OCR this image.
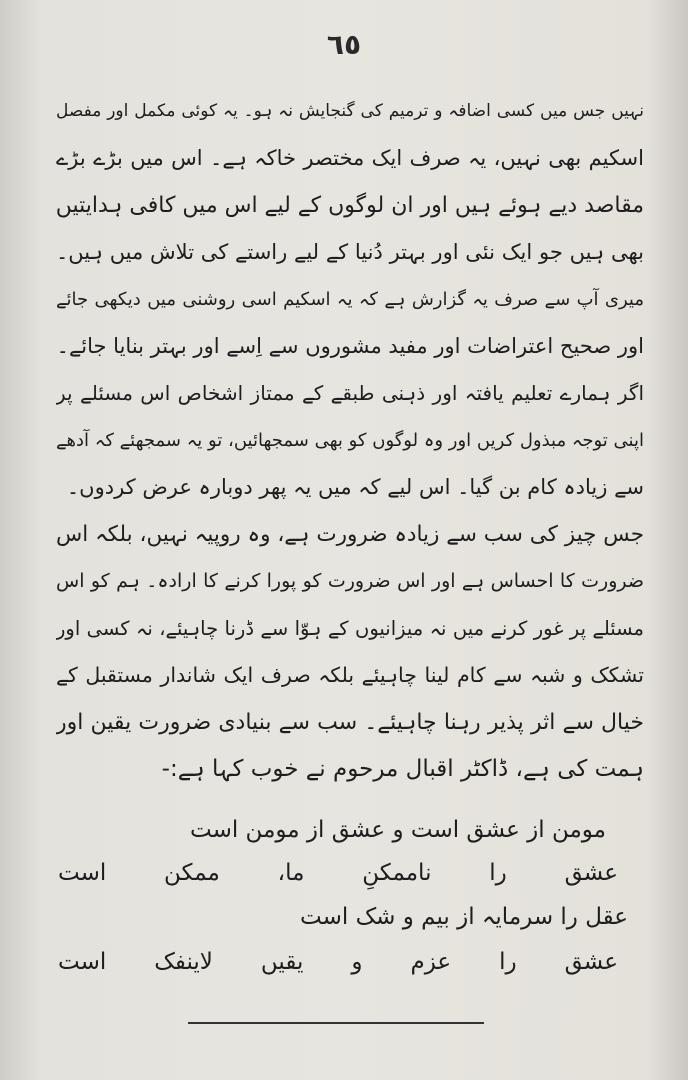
٦٥
نہیں جس میں کسی اضافہ و ترمیم کی گنجایش نہ ہو۔ یہ کوئی مکمل اور مفصل
اسکیم بھی نہیں، یہ صرف ایک مختصر خاکہ ہے۔ اس میں بڑے بڑے
مقاصد دیے ہوئے ہیں اور ان لوگوں کے لیے اس میں کافی ہدایتیں
بھی ہیں جو ایک نئی اور بہتر دُنیا کے لیے راستے کی تلاش میں ہیں۔
میری آپ سے صرف یہ گزارش ہے کہ یہ اسکیم اسی روشنی میں دیکھی جائے
اور صحیح اعتراضات اور مفید مشوروں سے اِسے اور بہتر بنایا جائے۔
اگر ہمارے تعلیم یافتہ اور ذہنی طبقے کے ممتاز اشخاص اس مسئلے پر
اپنی توجہ مبذول کریں اور وہ لوگوں کو بھی سمجھائیں، تو یہ سمجھئے کہ آدھے
سے زیادہ کام بن گیا۔ اس لیے کہ میں یہ پھر دوبارہ عرض کردوں۔
جس چیز کی سب سے زیادہ ضرورت ہے، وہ روپیہ نہیں، بلکہ اس
ضرورت کا احساس ہے اور اس ضرورت کو پورا کرنے کا ارادہ۔ ہم کو اس
مسئلے پر غور کرنے میں نہ میزانیوں کے ہوّا سے ڈرنا چاہیئے، نہ کسی اور
تشکک و شبہ سے کام لینا چاہیئے بلکہ صرف ایک شاندار مستقبل کے
خیال سے اثر پذیر رہنا چاہیئے۔ سب سے بنیادی ضرورت یقین اور
ہمت کی ہے، ڈاکٹر اقبال مرحوم نے خوب کہا ہے:-
مومن از عشق است و عشق از مومن است
عشق را ناممکنِ ما، ممکن است
عقل را سرمایہ از بیم و شک است
عشق را عزم و یقیں لاینفک است
